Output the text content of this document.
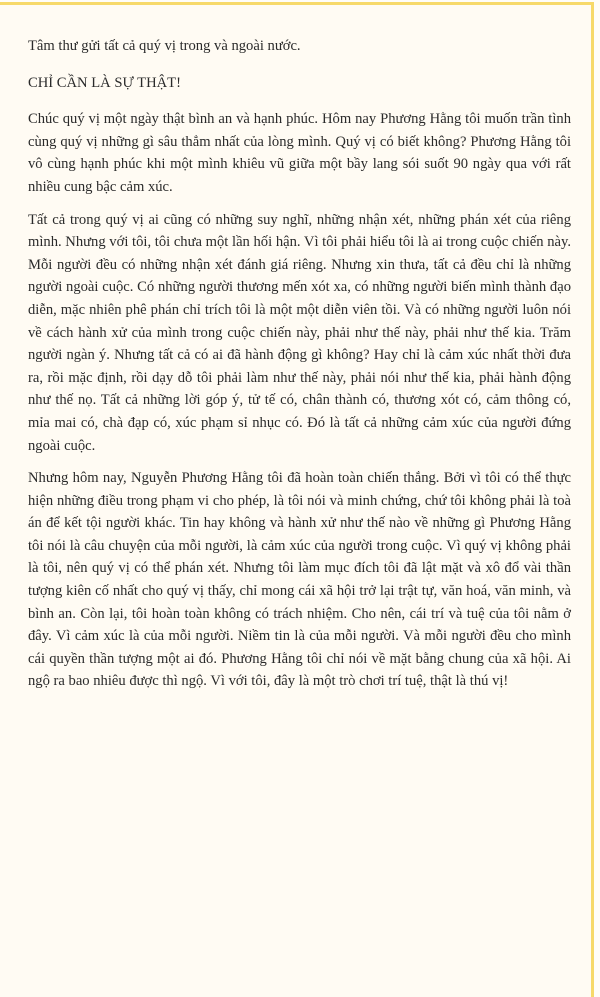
Tâm thư gửi tất cả quý vị trong và ngoài nước.

CHỈ CẦN LÀ SỰ THẬT!

Chúc quý vị một ngày thật bình an và hạnh phúc. Hôm nay Phương Hằng tôi muốn trần tình cùng quý vị những gì sâu thẳm nhất của lòng mình. Quý vị có biết không? Phương Hằng tôi vô cùng hạnh phúc khi một mình khiêu vũ giữa một bầy lang sói suốt 90 ngày qua với rất nhiều cung bậc cảm xúc.

Tất cả trong quý vị ai cũng có những suy nghĩ, những nhận xét, những phán xét của riêng mình. Nhưng với tôi, tôi chưa một lần hối hận. Vì tôi phải hiểu tôi là ai trong cuộc chiến này. Mỗi người đều có những nhận xét đánh giá riêng. Nhưng xin thưa, tất cả đều chỉ là những người ngoài cuộc. Có những người thương mến xót xa, có những người biến mình thành đạo diễn, mặc nhiên phê phán chỉ trích tôi là một một diễn viên tồi. Và có những người luôn nói về cách hành xử của mình trong cuộc chiến này, phải như thế này, phải như thế kia. Trăm người ngàn ý. Nhưng tất cả có ai đã hành động gì không? Hay chỉ là cảm xúc nhất thời đưa ra, rồi mặc định, rồi dạy dỗ tôi phải làm như thế này, phải nói như thế kia, phải hành động như thế nọ. Tất cả những lời góp ý, tử tế có, chân thành có, thương xót có, cảm thông có, mỉa mai có, chà đạp có, xúc phạm sỉ nhục có. Đó là tất cả những cảm xúc của người đứng ngoài cuộc.

Nhưng hôm nay, Nguyễn Phương Hằng tôi đã hoàn toàn chiến thắng. Bởi vì tôi có thể thực hiện những điều trong phạm vi cho phép, là tôi nói và minh chứng, chứ tôi không phải là toà án để kết tội người khác. Tin hay không và hành xử như thế nào về những gì Phương Hằng tôi nói là câu chuyện của mỗi người, là cảm xúc của người trong cuộc. Vì quý vị không phải là tôi, nên quý vị có thể phán xét. Nhưng tôi làm mục đích tôi đã lật mặt và xô đổ vài thần tượng kiên cố nhất cho quý vị thấy, chỉ mong cái xã hội trở lại trật tự, văn hoá, văn minh, và bình an. Còn lại, tôi hoàn toàn không có trách nhiệm. Cho nên, cái trí và tuệ của tôi nằm ở đây. Vì cảm xúc là của mỗi người. Niềm tin là của mỗi người. Và mỗi người đều cho mình cái quyền thần tượng một ai đó. Phương Hằng tôi chỉ nói về mặt bằng chung của xã hội. Ai ngộ ra bao nhiêu được thì ngộ. Vì với tôi, đây là một trò chơi trí tuệ, thật là thú vị!
